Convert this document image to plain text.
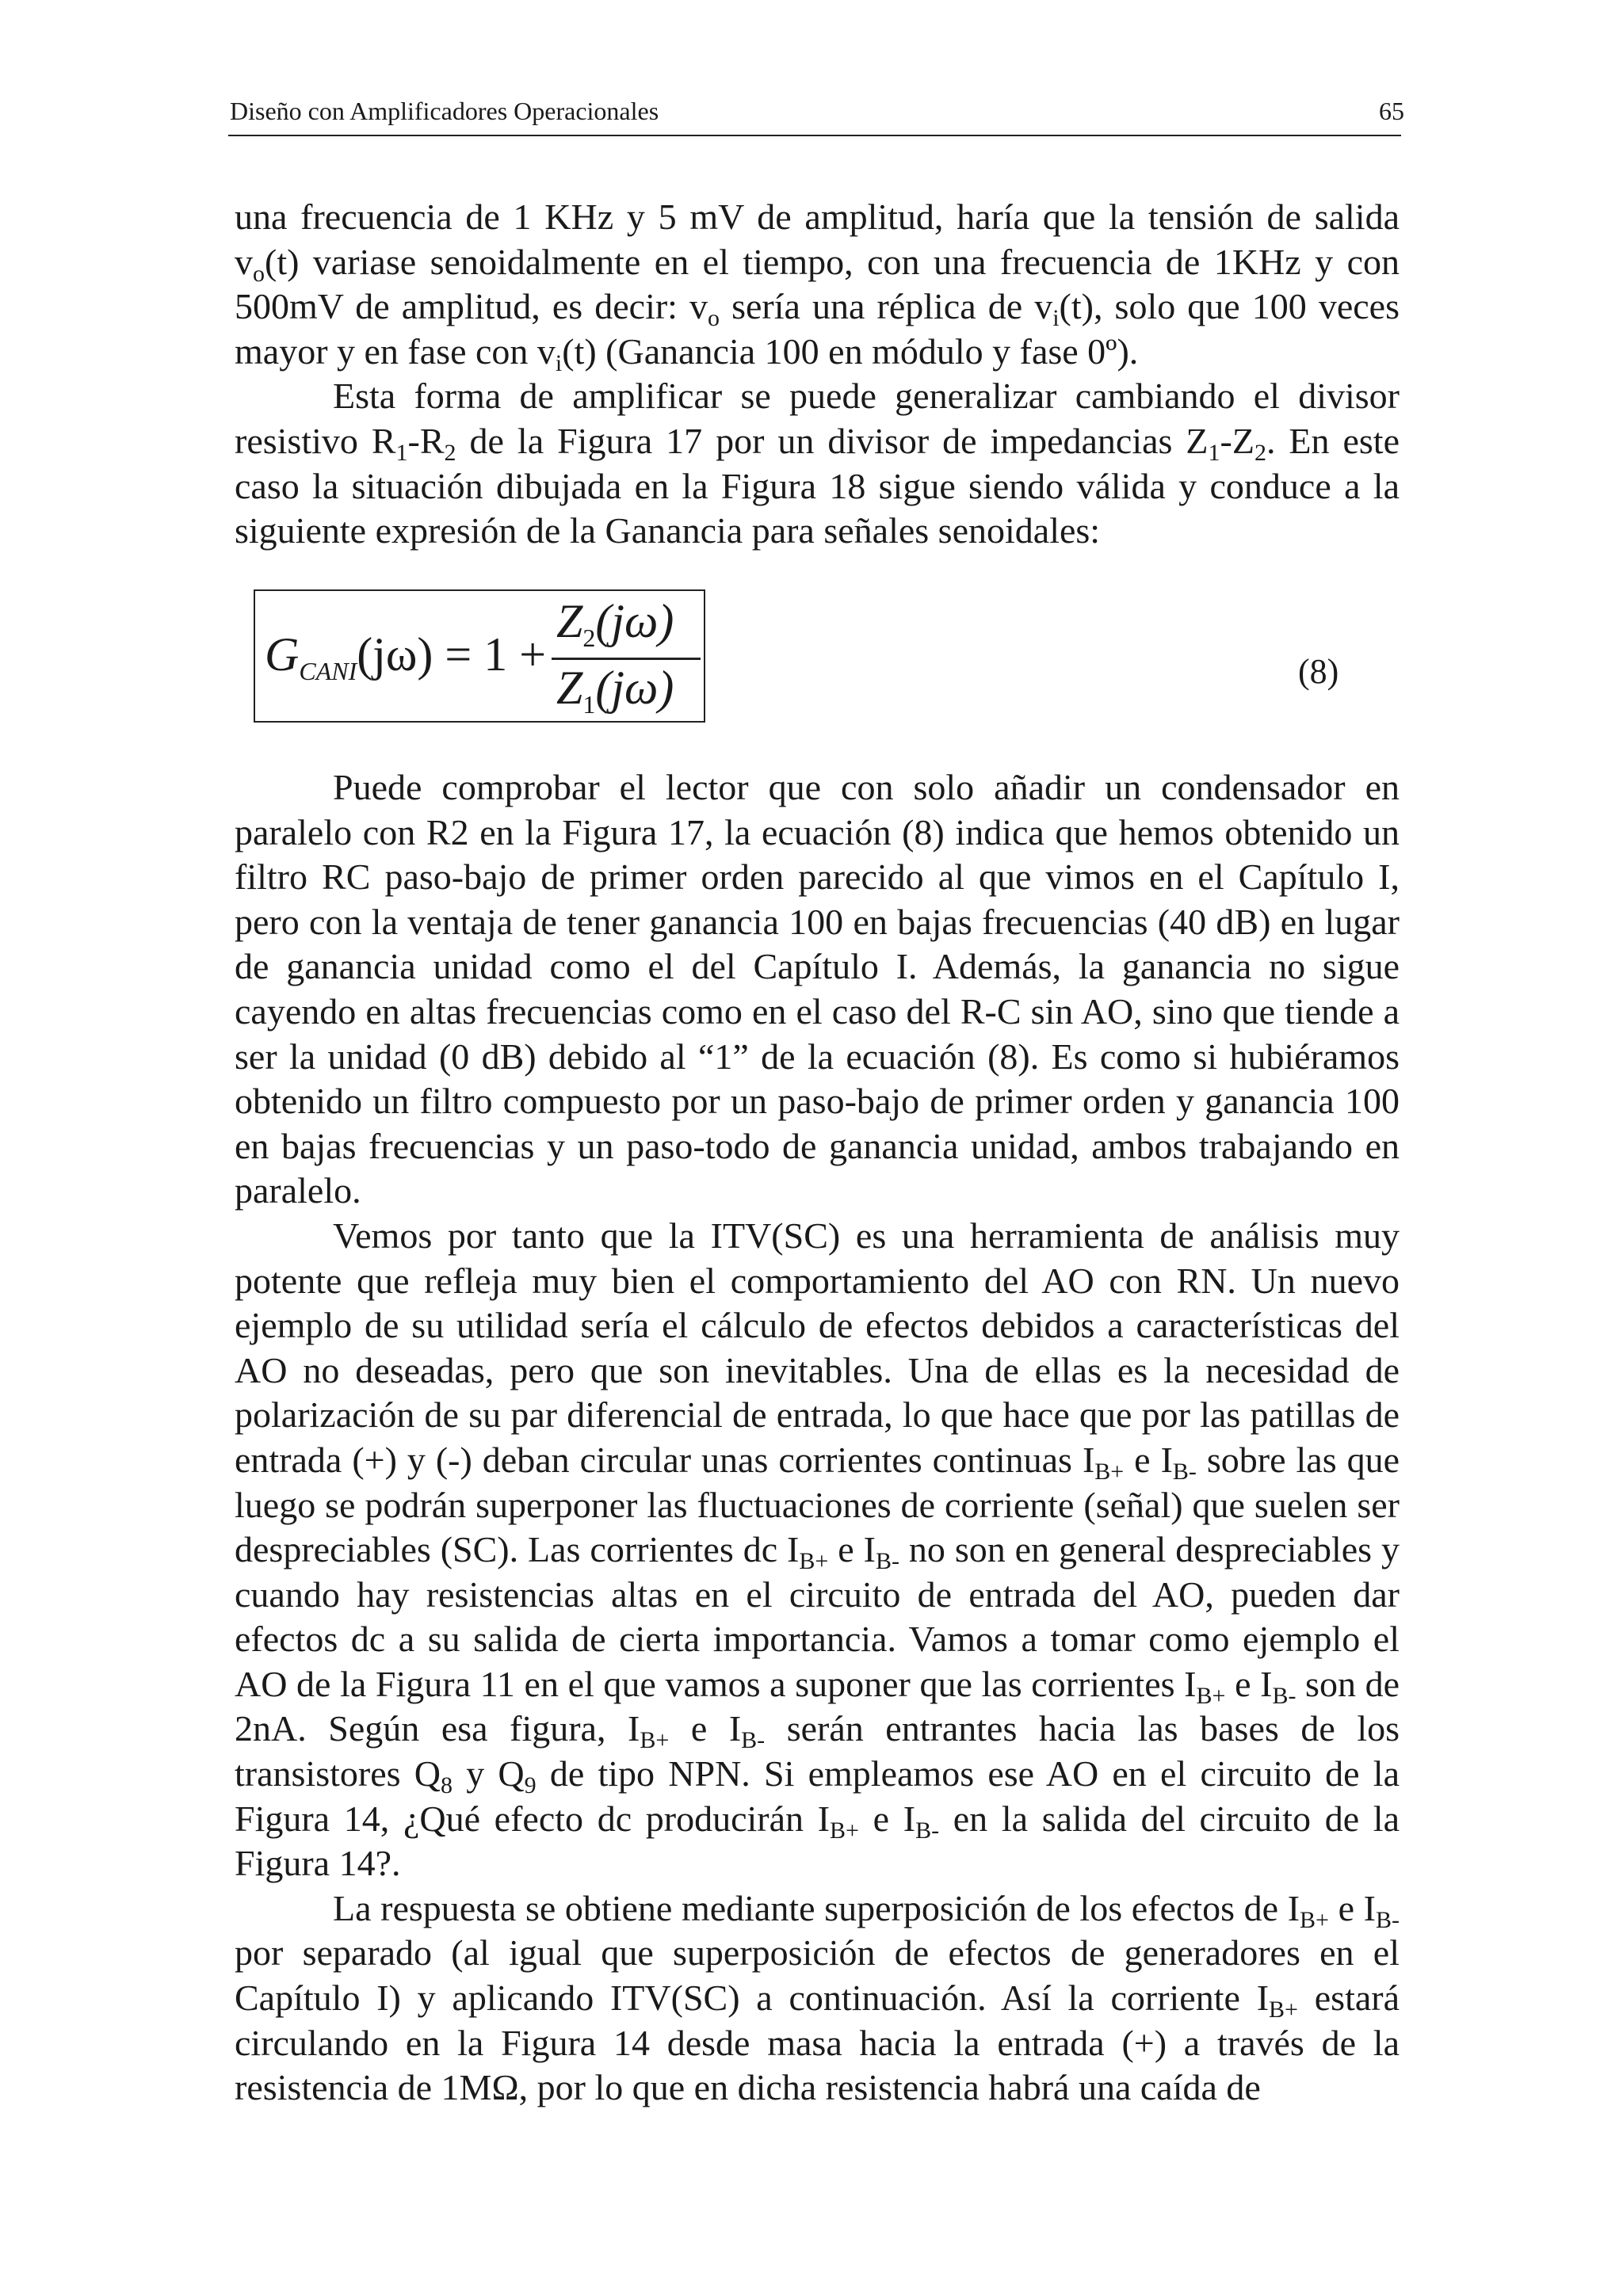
Diseño con Amplificadores Operacionales	65

una frecuencia de 1 KHz y 5 mV de amplitud, haría que la tensión de salida $v_o(t)$ variase senoidalmente en el tiempo, con una frecuencia de 1KHz y con 500mV de amplitud, es decir: $v_o$ sería una réplica de $v_i(t)$, solo que 100 veces mayor y en fase con $v_i(t)$ (Ganancia 100 en módulo y fase 0º).

Esta forma de amplificar se puede generalizar cambiando el divisor resistivo $R_1-R_2$ de la Figura 17 por un divisor de impedancias $Z_1-Z_2$. En este caso la situación dibujada en la Figura 18 sigue siendo válida y conduce a la siguiente expresión de la Ganancia para señales senoidales:

$G_{CANI}(j\omega) = 1$ +
$Z_2(j\omega)$
$Z_1(j\omega)$	(8)

Puede comprobar el lector que con solo añadir un condensador en paralelo con R2 en la Figura 17, la ecuación (8) indica que hemos obtenido un filtro RC paso-bajo de primer orden parecido al que vimos en el Capítulo I, pero con la ventaja de tener ganancia 100 en bajas frecuencias (40 dB) en lugar de ganancia unidad como el del Capítulo I. Además, la ganancia no sigue cayendo en altas frecuencias como en el caso del R-C sin AO, sino que tiende a ser la unidad (0 dB) debido al “1” de la ecuación (8). Es como si hubiéramos obtenido un filtro compuesto por un paso-bajo de primer orden y ganancia 100 en bajas frecuencias y un paso-todo de ganancia unidad, ambos trabajando en paralelo.

Vemos por tanto que la ITV(SC) es una herramienta de análisis muy potente que refleja muy bien el comportamiento del AO con RN. Un nuevo ejemplo de su utilidad sería el cálculo de efectos debidos a características del AO no deseadas, pero que son inevitables. Una de ellas es la necesidad de polarización de su par diferencial de entrada, lo que hace que por las patillas de entrada (+) y (-) deban circular unas corrientes continuas $I_{B+}$ e $I_{B-}$ sobre las que luego se podrán superponer las fluctuaciones de corriente (señal) que suelen ser despreciables (SC). Las corrientes dc $I_{B+}$ e $I_{B-}$ no son en general despreciables y cuando hay resistencias altas en el circuito de entrada del AO, pueden dar efectos dc a su salida de cierta importancia. Vamos a tomar como ejemplo el AO de la Figura 11 en el que vamos a suponer que las corrientes $I_{B+}$ e $I_{B-}$ son de 2nA. Según esa figura, $I_{B+}$ e $I_{B-}$ serán entrantes hacia las bases de los transistores $Q_8$ y $Q_9$ de tipo NPN. Si empleamos ese AO en el circuito de la Figura 14, ¿Qué efecto dc producirán $I_{B+}$ e $I_{B-}$ en la salida del circuito de la Figura 14?.

La respuesta se obtiene mediante superposición de los efectos de $I_{B+}$ e $I_{B-}$ por separado (al igual que superposición de efectos de generadores en el Capítulo I) y aplicando ITV(SC) a continuación. Así la corriente $I_{B+}$ estará circulando en la Figura 14 desde masa hacia la entrada (+) a través de la resistencia de 1MΩ, por lo que en dicha resistencia habrá una caída de
